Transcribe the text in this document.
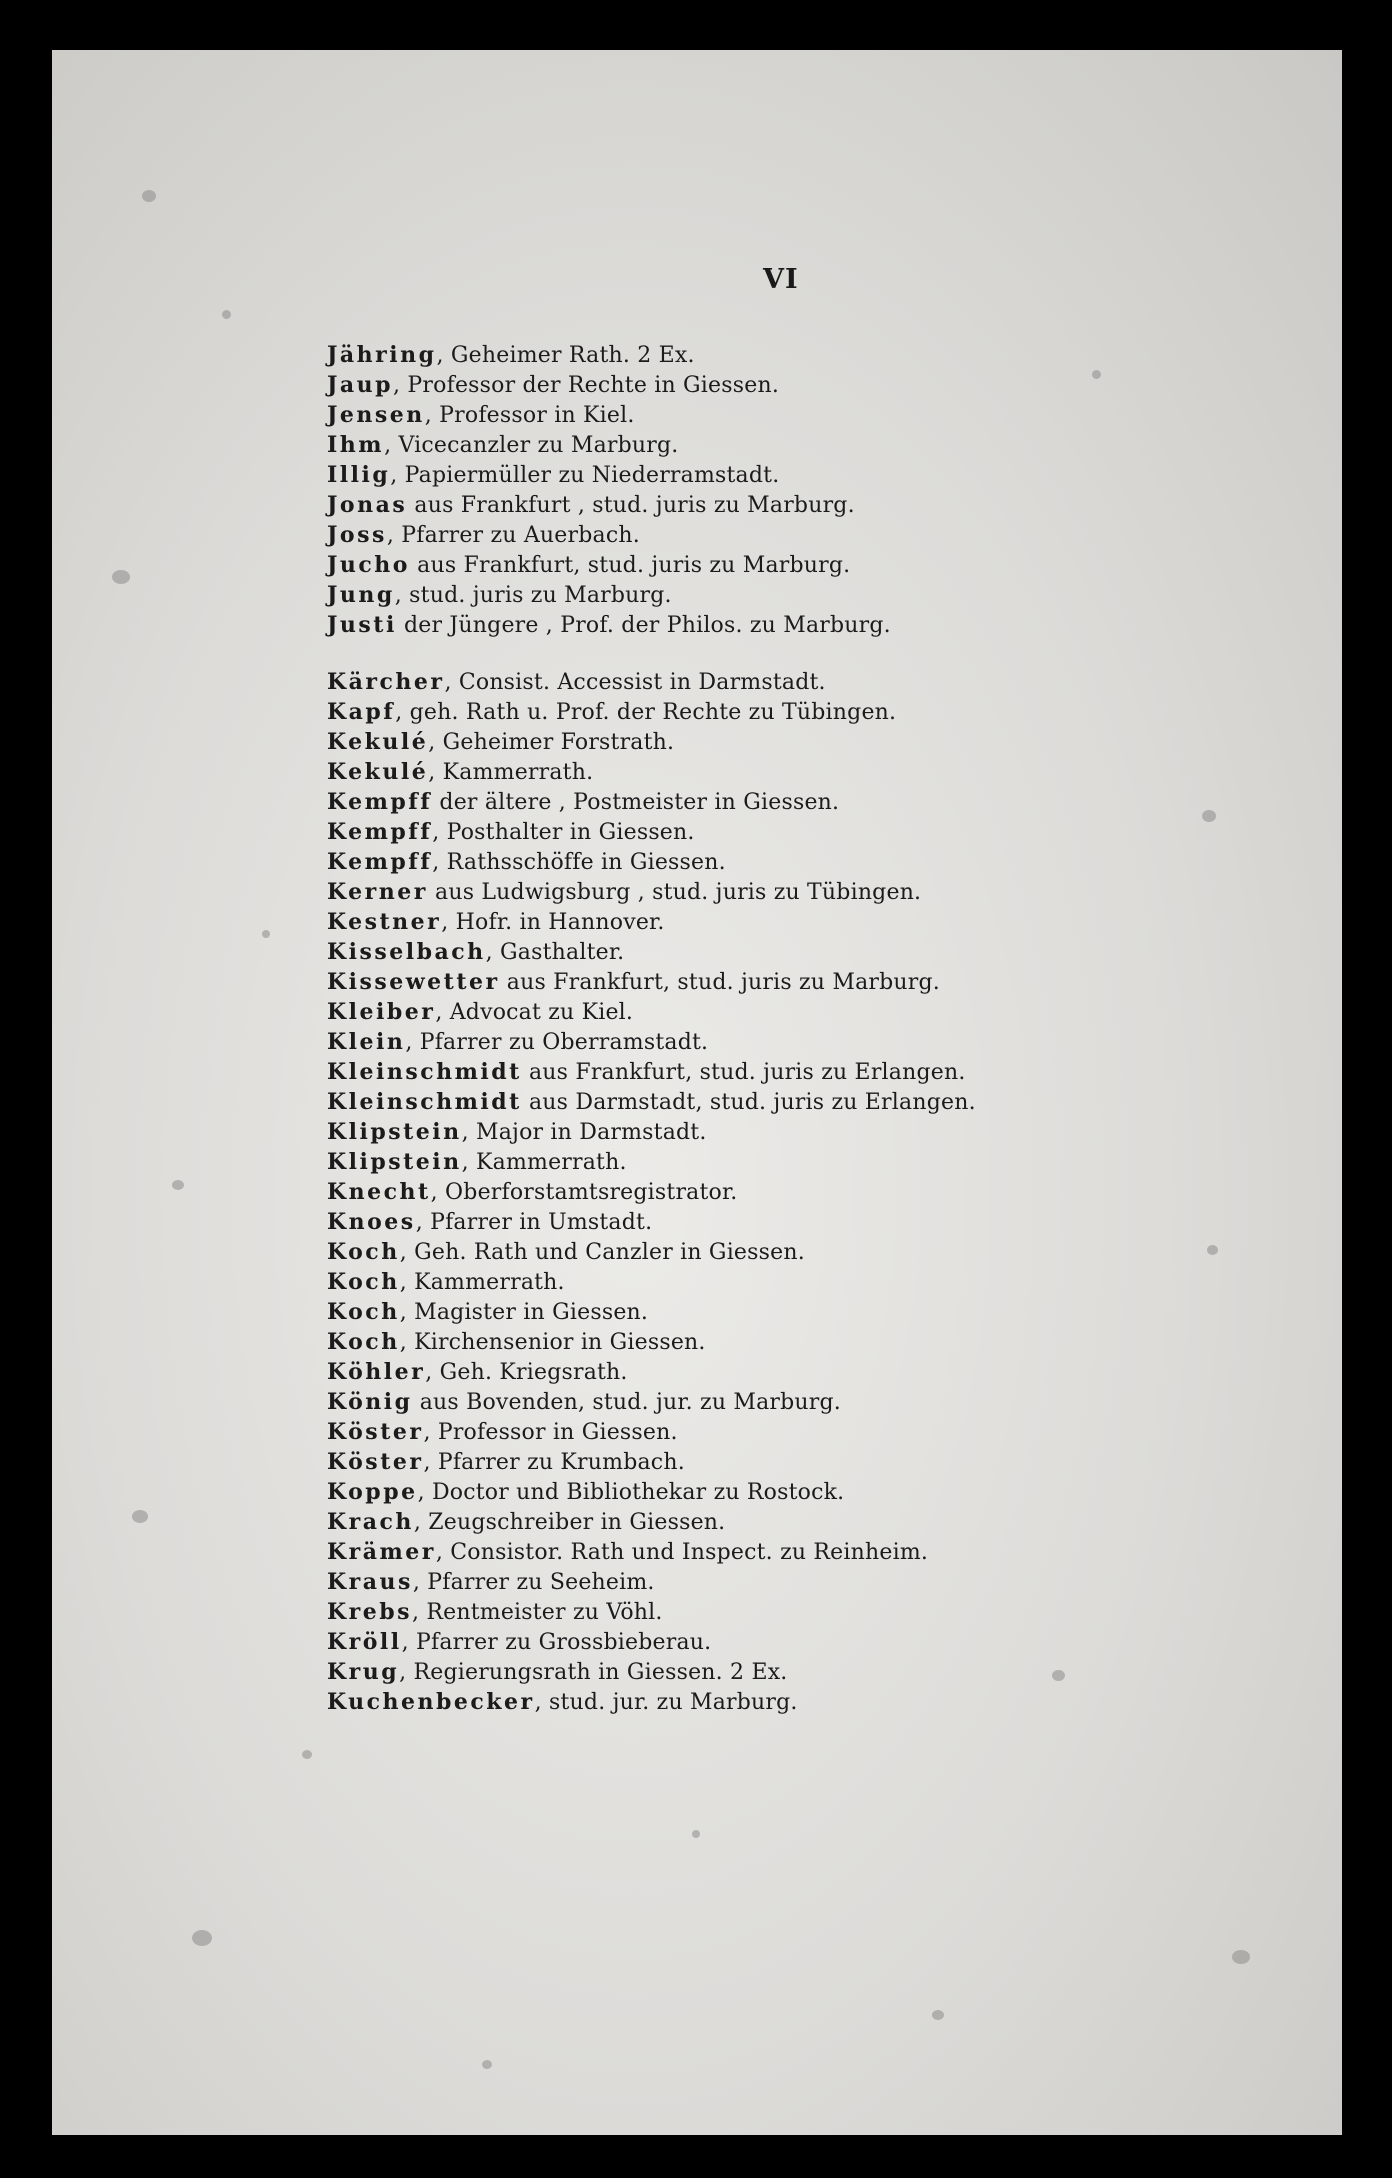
VI
Jähring, Geheimer Rath. 2 Ex.
Jaup, Professor der Rechte in Giessen.
Jensen, Professor in Kiel.
Ihm, Vicecanzler zu Marburg.
Illig, Papiermüller zu Niederramstadt.
Jonas aus Frankfurt , stud. juris zu Marburg.
Joss, Pfarrer zu Auerbach.
Jucho aus Frankfurt, stud. juris zu Marburg.
Jung, stud. juris zu Marburg.
Justi der Jüngere , Prof. der Philos. zu Marburg.
Kärcher, Consist. Accessist in Darmstadt.
Kapf, geh. Rath u. Prof. der Rechte zu Tübingen.
Kekulé, Geheimer Forstrath.
Kekulé, Kammerrath.
Kempff der ältere , Postmeister in Giessen.
Kempff, Posthalter in Giessen.
Kempff, Rathsschöffe in Giessen.
Kerner aus Ludwigsburg , stud. juris zu Tübingen.
Kestner, Hofr. in Hannover.
Kisselbach, Gasthalter.
Kissewetter aus Frankfurt, stud. juris zu Marburg.
Kleiber, Advocat zu Kiel.
Klein, Pfarrer zu Oberramstadt.
Kleinschmidt aus Frankfurt, stud. juris zu Erlangen.
Kleinschmidt aus Darmstadt, stud. juris zu Erlangen.
Klipstein, Major in Darmstadt.
Klipstein, Kammerrath.
Knecht, Oberforstamtsregistrator.
Knoes, Pfarrer in Umstadt.
Koch, Geh. Rath und Canzler in Giessen.
Koch, Kammerrath.
Koch, Magister in Giessen.
Koch, Kirchensenior in Giessen.
Köhler, Geh. Kriegsrath.
König aus Bovenden, stud. jur. zu Marburg.
Köster, Professor in Giessen.
Köster, Pfarrer zu Krumbach.
Koppe, Doctor und Bibliothekar zu Rostock.
Krach, Zeugschreiber in Giessen.
Krämer, Consistor. Rath und Inspect. zu Reinheim.
Kraus, Pfarrer zu Seeheim.
Krebs, Rentmeister zu Vöhl.
Kröll, Pfarrer zu Grossbieberau.
Krug, Regierungsrath in Giessen. 2 Ex.
Kuchenbecker, stud. jur. zu Marburg.
